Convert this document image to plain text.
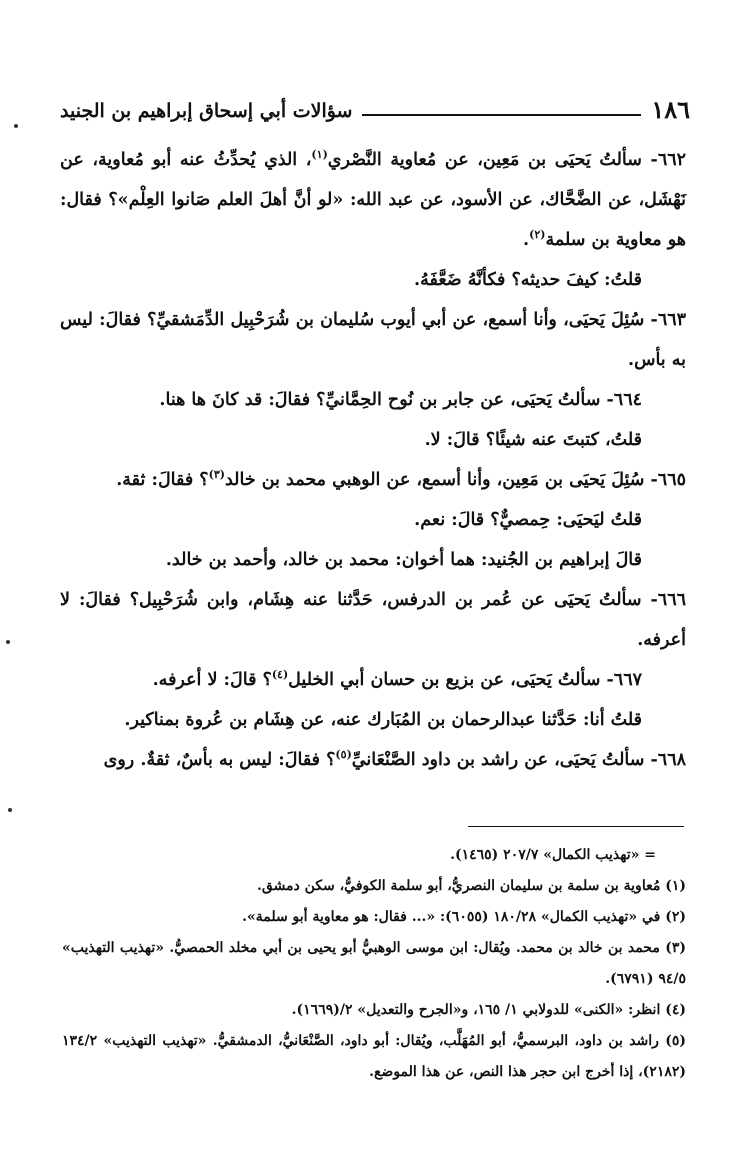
١٨٦
سؤالات أبي إسحاق إبراهيم بن الجنيد
٦٦٢- سألتُ يَحيَى بن مَعِين، عن مُعاوية النَّصْري$^{(١)}$، الذي يُحدِّثُ عنه أبو مُعاوية، عن نَهْشَل، عن الضَّحَّاك، عن الأسود، عن عبد الله: «لو أنَّ أهلَ العلم صَانوا العِلْم»؟ فقال: هو معاوية بن سلمة$^{(٢)}$.
قلتُ: كيفَ حديثه؟ فكأنَّهُ ضَعَّفَهُ.
٦٦٣- سُئِلَ يَحيَى، وأنا أسمع، عن أبي أيوب سُليمان بن شُرَحْبِيل الدِّمَشقيِّ؟ فقالَ: ليس به بأس.
٦٦٤- سألتُ يَحيَى، عن جابر بن نُوح الحِمَّانيِّ؟ فقالَ: قد كانَ ها هنا.
قلتُ، كتبتَ عنه شيئًا؟ قالَ: لا.
٦٦٥- سُئِلَ يَحيَى بن مَعِين، وأنا أسمع، عن الوهبي محمد بن خالد$^{(٣)}$؟ فقالَ: ثقة.
قلتُ ليَحيَى: حِمصيٌّ؟ قالَ: نعم.
قالَ إبراهيم بن الجُنيد: هما أخوان: محمد بن خالد، وأحمد بن خالد.
٦٦٦- سألتُ يَحيَى عن عُمر بن الدرفس، حَدَّثنا عنه هِشَام، وابن شُرَحْبِيل؟ فقالَ: لا أعرفه.
٦٦٧- سألتُ يَحيَى، عن بزيع بن حسان أبي الخليل$^{(٤)}$؟ قالَ: لا أعرفه.
قلتُ أنا: حَدَّثنا عبدالرحمان بن المُبَارك عنه، عن هِشَام بن عُروة بمناكير.
٦٦٨- سألتُ يَحيَى، عن راشد بن داود الصَّنْعَانيِّ$^{(٥)}$؟ فقالَ: ليس به بأسٌ، ثقةٌ. روى
= «تهذيب الكمال» ٢٠٧/٧ (١٤٦٥).
(١) مُعاوية بن سلمة بن سليمان النصريُّ، أبو سلمة الكوفيُّ، سكن دمشق.
(٢) في «تهذيب الكمال» ١٨٠/٢٨ (٦٠٥٥): «... فقال: هو معاوية أبو سلمة».
(٣) محمد بن خالد بن محمد. ويُقال: ابن موسى الوهبيُّ أبو يحيى بن أبي مخلد الحمصيُّ. «تهذيب التهذيب» ٩٤/٥ (٦٧٩١).
(٤) انظر: «الكنى» للدولابي ١/ ١٦٥، و«الجرح والتعديل» ٢/(١٦٦٩).
(٥) راشد بن داود، البرسميُّ، أبو المُهَلَّب، ويُقال: أبو داود، الصَّنْعَانيُّ، الدمشقيُّ. «تهذيب التهذيب» ١٣٤/٢ (٢١٨٢)، إذا أخرج ابن حجر هذا النص، عن هذا الموضع.
